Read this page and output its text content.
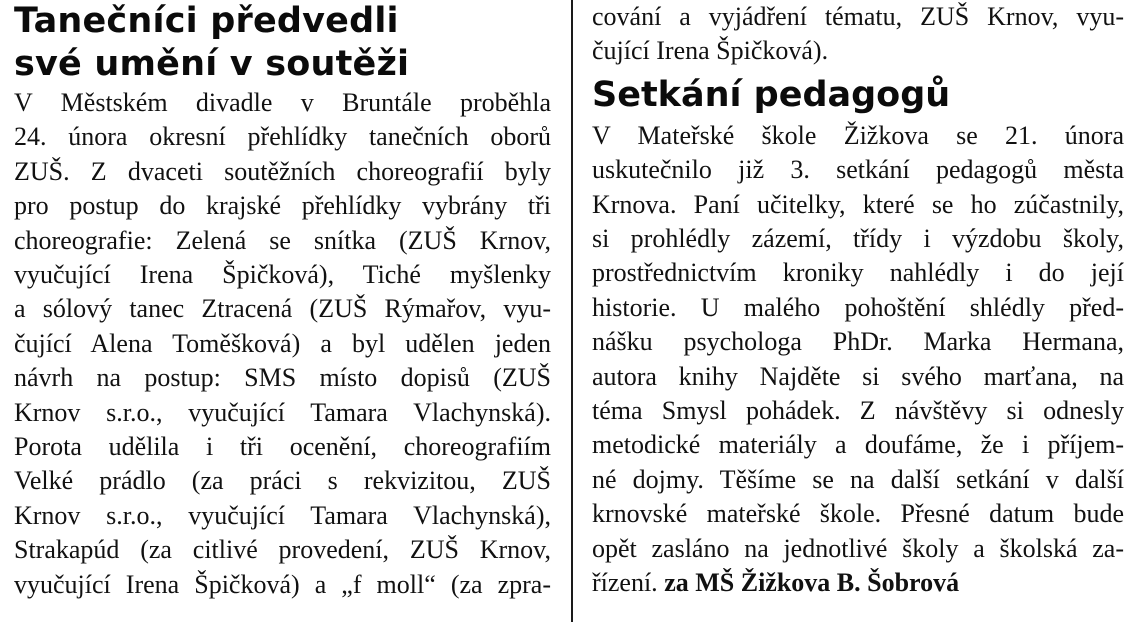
Tanečníci předvedli
své umění v soutěži

V Městském divadle v Bruntále proběhla
24. února okresní přehlídky tanečních oborů
ZUŠ. Z dvaceti soutěžních choreografií byly
pro postup do krajské přehlídky vybrány tři
choreografie: Zelená se snítka (ZUŠ Krnov,
vyučující Irena Špičková), Tiché myšlenky
a sólový tanec Ztracená (ZUŠ Rýmařov, vyu-
čující Alena Toměšková) a byl udělen jeden
návrh na postup: SMS místo dopisů (ZUŠ
Krnov s.r.o., vyučující Tamara Vlachynská).
Porota udělila i tři ocenění, choreografiím
Velké prádlo (za práci s rekvizitou, ZUŠ
Krnov s.r.o., vyučující Tamara Vlachynská),
Strakapúd (za citlivé provedení, ZUŠ Krnov,
vyučující Irena Špičková) a „f moll“ (za zpra-

cování a vyjádření tématu, ZUŠ Krnov, vyu-
čující Irena Špičková).

Setkání pedagogů

V Mateřské škole Žižkova se 21. února
uskutečnilo již 3. setkání pedagogů města
Krnova. Paní učitelky, které se ho zúčastnily,
si prohlédly zázemí, třídy i výzdobu školy,
prostřednictvím kroniky nahlédly i do její
historie. U malého pohoštění shlédly před-
nášku psychologa PhDr. Marka Hermana,
autora knihy Najděte si svého marťana, na
téma Smysl pohádek. Z návštěvy si odnesly
metodické materiály a doufáme, že i příjem-
né dojmy. Těšíme se na další setkání v další
krnovské mateřské škole. Přesné datum bude
opět zasláno na jednotlivé školy a školská za-
řízení. za MŠ Žižkova B. Šobrová
